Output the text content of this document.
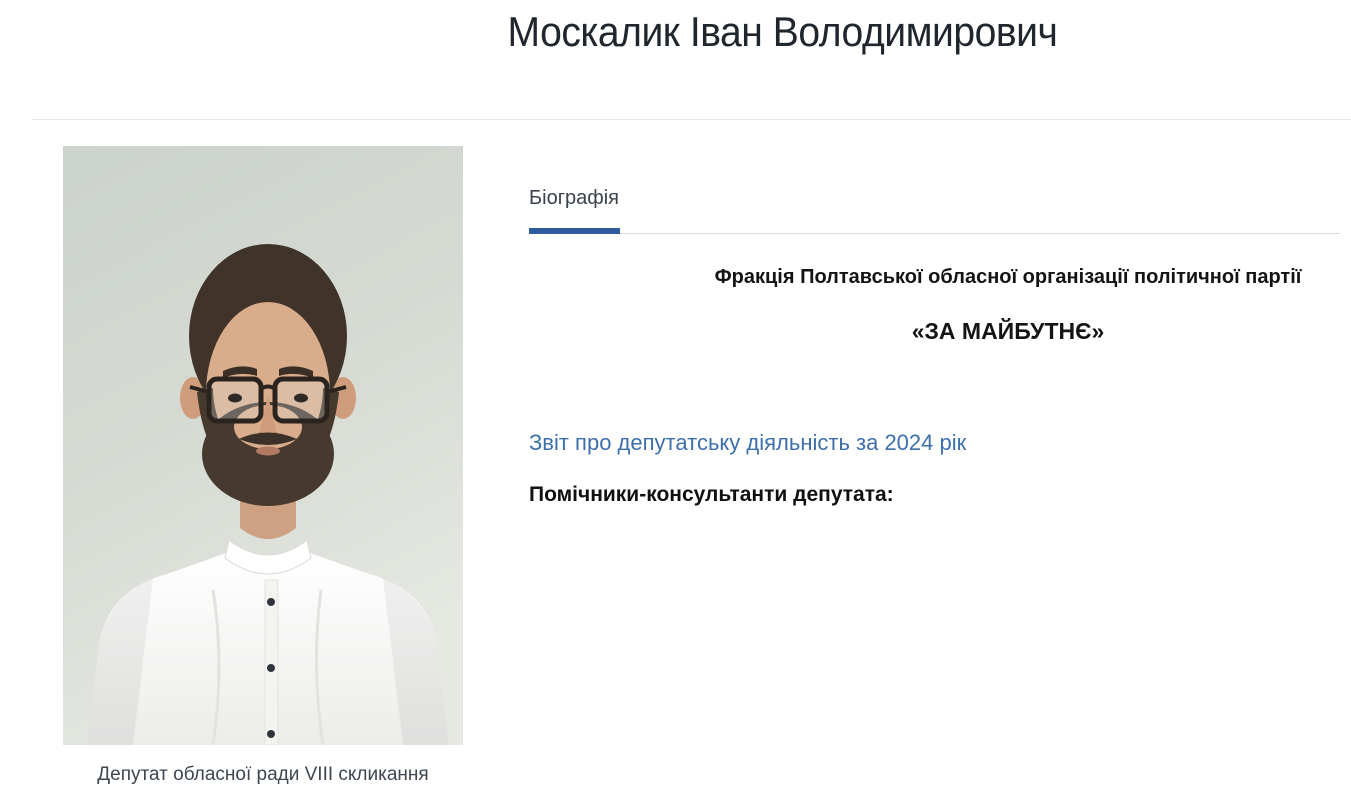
Москалик Іван Володимирович
Депутат обласної ради VIII скликання
Біографія

Фракція Полтавської обласної організації політичної партії

«ЗА МАЙБУТНЄ»

Звіт про депутатську діяльність за 2024 рік

Помічники-консультанти депутата:
